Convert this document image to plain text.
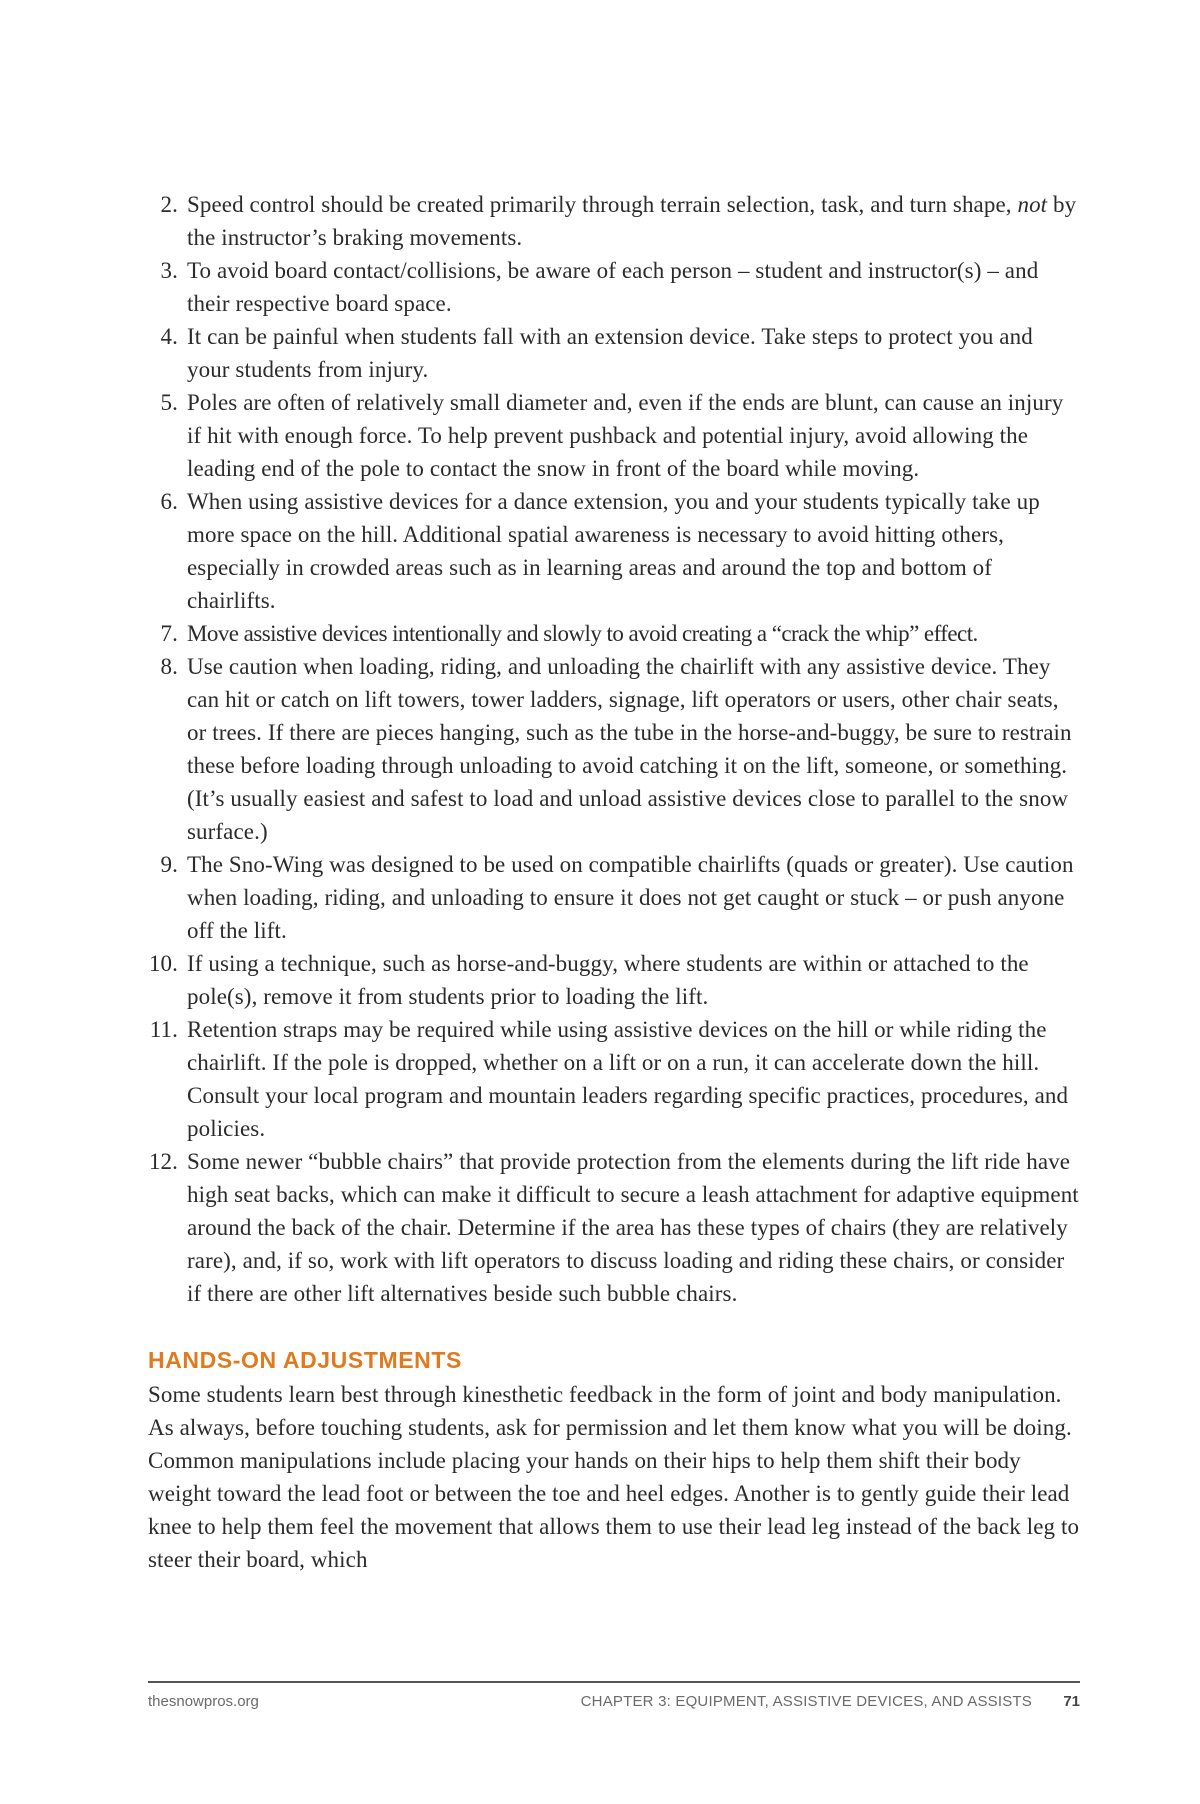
2. Speed control should be created primarily through terrain selection, task, and turn shape, not by the instructor’s braking movements.
3. To avoid board contact/collisions, be aware of each person – student and instructor(s) – and their respective board space.
4. It can be painful when students fall with an extension device. Take steps to protect you and your students from injury.
5. Poles are often of relatively small diameter and, even if the ends are blunt, can cause an injury if hit with enough force. To help prevent pushback and potential injury, avoid allowing the leading end of the pole to contact the snow in front of the board while moving.
6. When using assistive devices for a dance extension, you and your students typically take up more space on the hill. Additional spatial awareness is necessary to avoid hitting others, especially in crowded areas such as in learning areas and around the top and bottom of chairlifts.
7. Move assistive devices intentionally and slowly to avoid creating a “crack the whip” effect.
8. Use caution when loading, riding, and unloading the chairlift with any assistive device. They can hit or catch on lift towers, tower ladders, signage, lift operators or users, other chair seats, or trees. If there are pieces hanging, such as the tube in the horse-and-buggy, be sure to restrain these before loading through unloading to avoid catching it on the lift, someone, or something. (It’s usually easiest and safest to load and unload assistive devices close to parallel to the snow surface.)
9. The Sno-Wing was designed to be used on compatible chairlifts (quads or greater). Use caution when loading, riding, and unloading to ensure it does not get caught or stuck – or push anyone off the lift.
10. If using a technique, such as horse-and-buggy, where students are within or attached to the pole(s), remove it from students prior to loading the lift.
11. Retention straps may be required while using assistive devices on the hill or while riding the chairlift. If the pole is dropped, whether on a lift or on a run, it can accelerate down the hill. Consult your local program and mountain leaders regarding specific practices, procedures, and policies.
12. Some newer “bubble chairs” that provide protection from the elements during the lift ride have high seat backs, which can make it difficult to secure a leash attachment for adaptive equipment around the back of the chair. Determine if the area has these types of chairs (they are relatively rare), and, if so, work with lift operators to discuss loading and riding these chairs, or consider if there are other lift alternatives beside such bubble chairs.
HANDS-ON ADJUSTMENTS

Some students learn best through kinesthetic feedback in the form of joint and body manipulation. As always, before touching students, ask for permission and let them know what you will be doing. Common manipulations include placing your hands on their hips to help them shift their body weight toward the lead foot or between the toe and heel edges. Another is to gently guide their lead knee to help them feel the movement that allows them to use their lead leg instead of the back leg to steer their board, which

thesnowpros.org	CHAPTER 3: EQUIPMENT, ASSISTIVE DEVICES, AND ASSISTS 71
